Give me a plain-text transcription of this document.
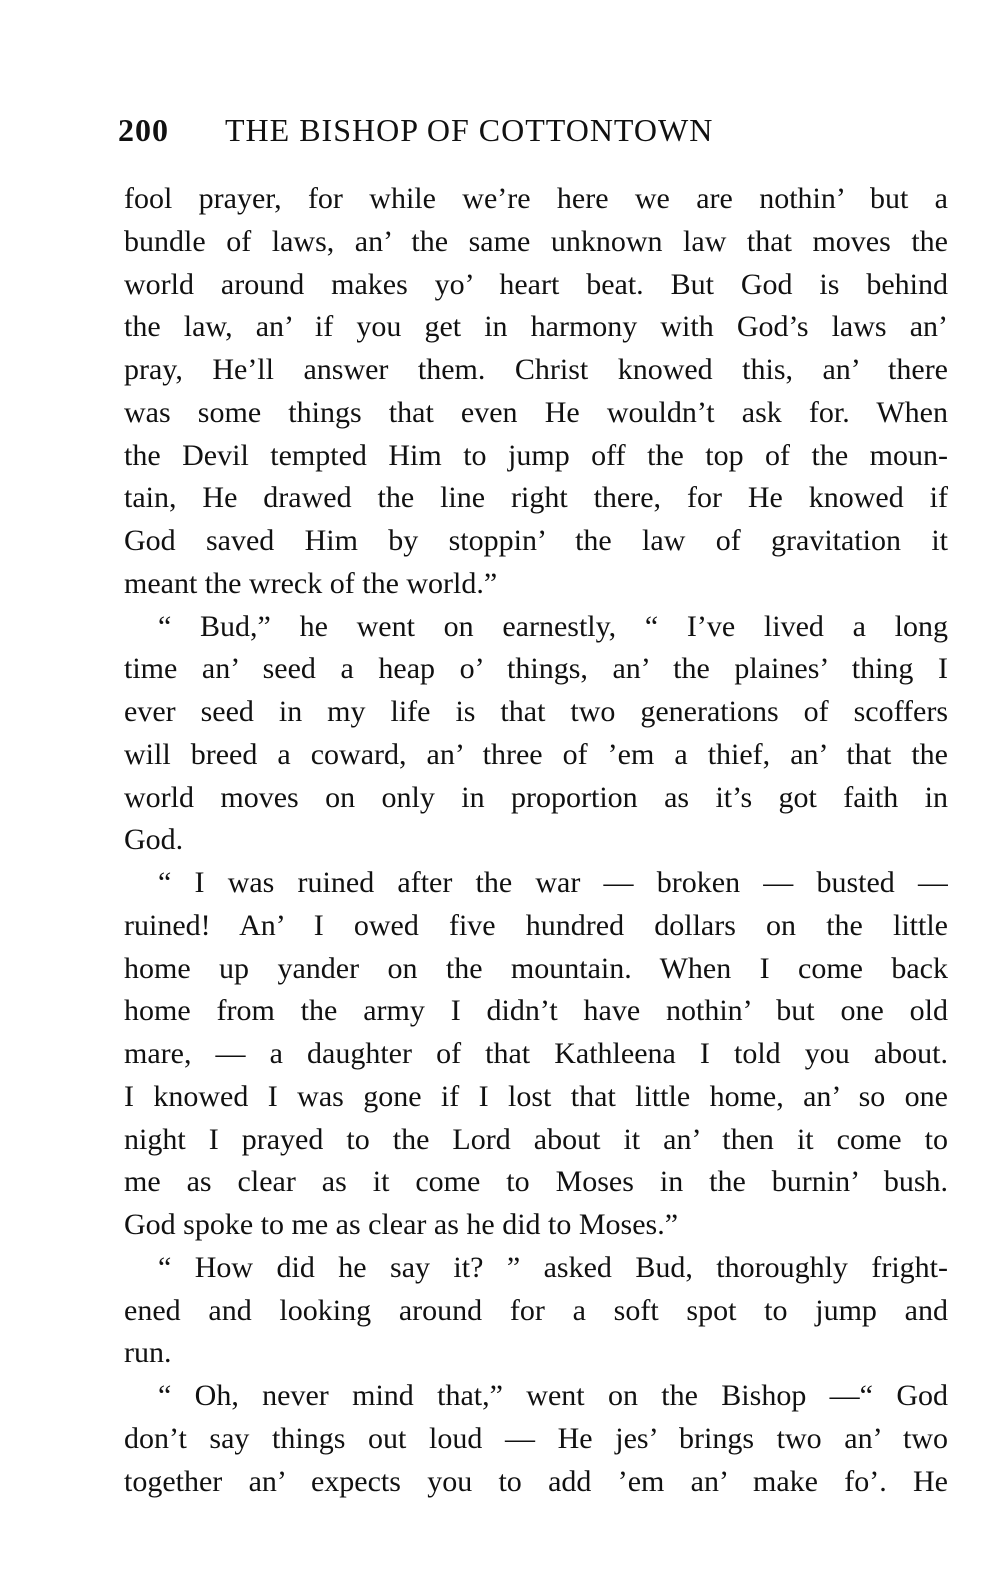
200 THE BISHOP OF COTTONTOWN
fool prayer, for while we’re here we are nothin’ but a
bundle of laws, an’ the same unknown law that moves the
world around makes yo’ heart beat. But God is behind
the law, an’ if you get in harmony with God’s laws an’
pray, He’ll answer them. Christ knowed this, an’ there
was some things that even He wouldn’t ask for. When
the Devil tempted Him to jump off the top of the moun-
tain, He drawed the line right there, for He knowed if
God saved Him by stoppin’ the law of gravitation it
meant the wreck of the world.”
“ Bud,” he went on earnestly, “ I’ve lived a long
time an’ seed a heap o’ things, an’ the plaines’ thing I
ever seed in my life is that two generations of scoffers
will breed a coward, an’ three of ’em a thief, an’ that the
world moves on only in proportion as it’s got faith in
God.
“ I was ruined after the war — broken — busted —
ruined! An’ I owed five hundred dollars on the little
home up yander on the mountain. When I come back
home from the army I didn’t have nothin’ but one old
mare, — a daughter of that Kathleena I told you about.
I knowed I was gone if I lost that little home, an’ so one
night I prayed to the Lord about it an’ then it come to
me as clear as it come to Moses in the burnin’ bush.
God spoke to me as clear as he did to Moses.”
“ How did he say it? ” asked Bud, thoroughly fright-
ened and looking around for a soft spot to jump and
run.
“ Oh, never mind that,” went on the Bishop —“ God
don’t say things out loud — He jes’ brings two an’ two
together an’ expects you to add ’em an’ make fo’. He
